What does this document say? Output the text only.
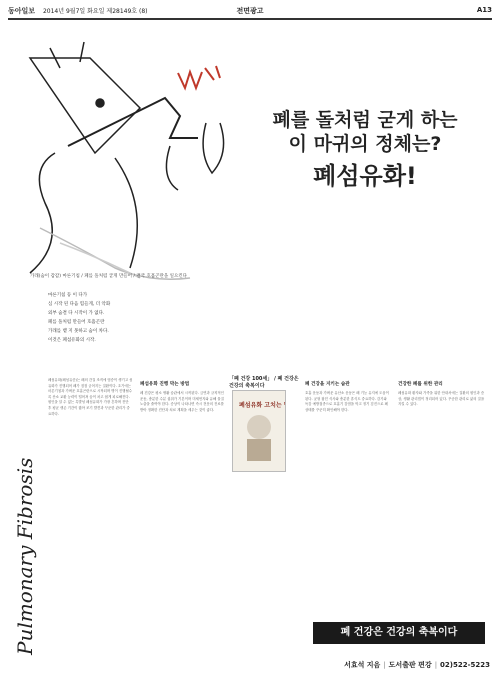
동아일보 2014년 9월7일 화요일 제28149호 (8)	전면광고	A13
폐를 돌처럼 굳게 하는
이 마귀의 정체는?
폐섬유화!
가래(숨이 갑갑) 마른기침 / 폐를 돌처럼 굳게 만들어 / 결국 호흡곤란을 일으킨다

마른기침 등 이 다가

심 시작 된 다음 힘들게, 더 악화

외부 숨결 다 시작이 가 없다.

폐를 돌처럼 만들어 호흡곤란

가래를 뱉 지 못하고 숨이 차다.

이것은 폐섬유화의 시작.

Pulmonary Fibrosis
폐섬유화(폐섬유증)는 폐의 간질 조직에 염증이 생기고 섬유화가 진행되어 폐가 점점 굳어지는 질환이다. 초기에는 마른기침과 가벼운 호흡곤란으로 시작되며 병이 진행될수록 산소 교환 능력이 떨어져 숨이 차고 쉽게 피로해진다. 원인을 알 수 없는 특발성 폐섬유화가 가장 흔하며 진단 후 평균 생존 기간이 짧아 조기 발견과 꾸준한 관리가 중요하다.
폐섬유화 진행 막는 방법
폐 건강은 평소 생활 습관에서 시작된다. 금연과 규칙적인 운동, 충분한 수분 섭취가 기본이며 미세먼지와 유해 물질 노출을 줄여야 한다. 증상이 나타나면 즉시 전문의 진료를 받아 정확한 진단과 치료 계획을 세우는 것이 좋다.
폐 건강을 지키는 습관
호흡 운동과 가벼운 유산소 운동은 폐 기능 유지에 도움이 된다. 균형 잡힌 식사와 충분한 휴식도 중요하다. 감기와 독감 예방접종으로 호흡기 감염을 막고 정기 검진으로 폐 상태를 꾸준히 확인해야 한다.
건강한 폐를 위한 관리
폐섬유화 환자와 가족을 위한 안내서에는 질환의 원인과 증상, 생활 관리법이 정리되어 있다. 꾸준한 관리로 삶의 질을 지킬 수 있다.
「폐 건강 100세」 / 폐 건강은 건강의 축복이다
폐섬유화 고치는 법
폐 건강은 건강의 축복이다
서효석 지음 | 도서출판 편강 | 02)522-5223
